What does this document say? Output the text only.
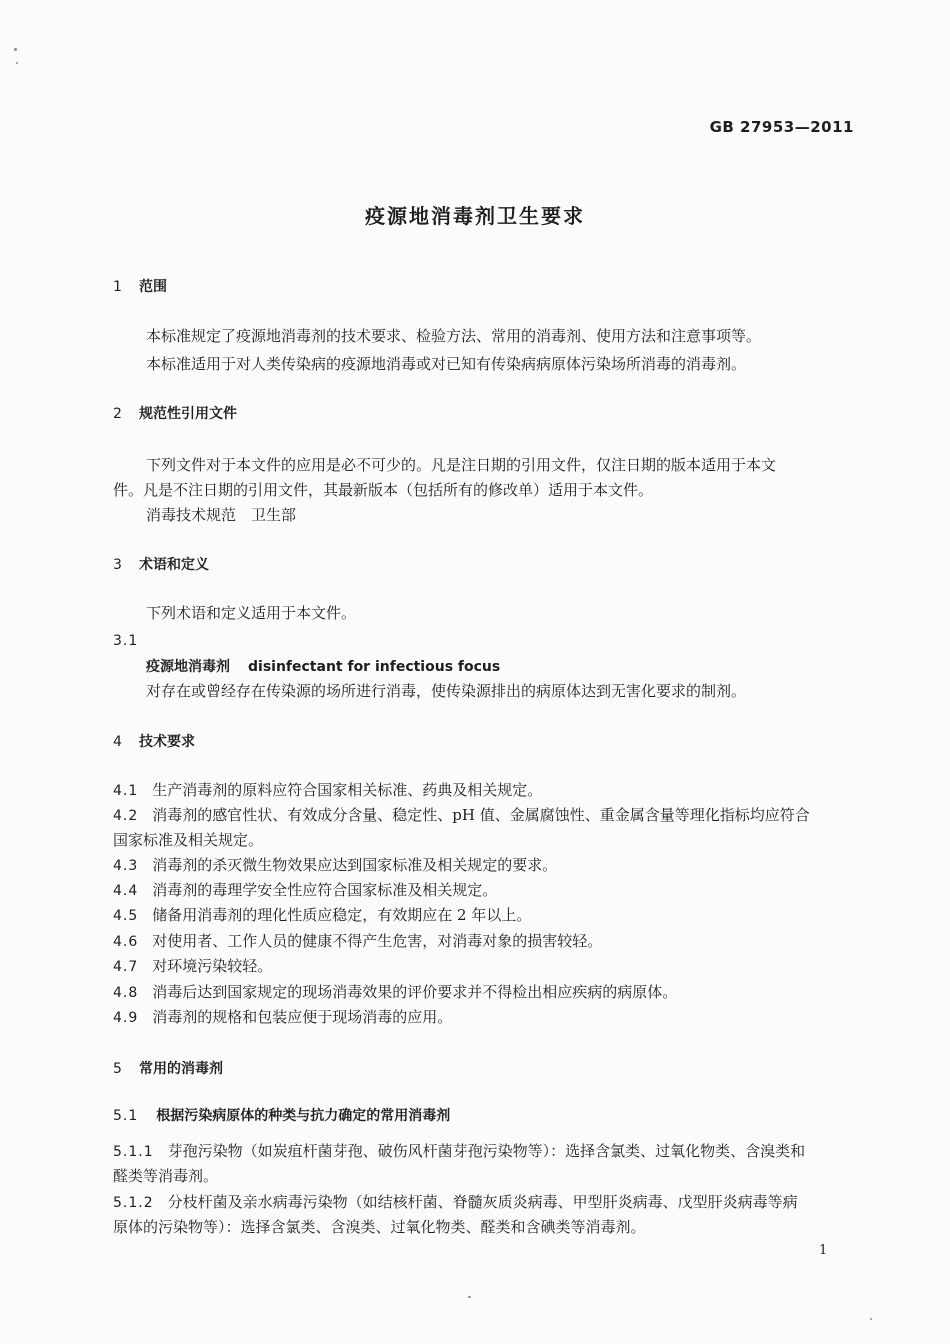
GB 27953—2011
疫源地消毒剂卫生要求
1 范围
本标准规定了疫源地消毒剂的技术要求、检验方法、常用的消毒剂、使用方法和注意事项等。
本标准适用于对人类传染病的疫源地消毒或对已知有传染病病原体污染场所消毒的消毒剂。
2 规范性引用文件
下列文件对于本文件的应用是必不可少的。凡是注日期的引用文件，仅注日期的版本适用于本文
件。凡是不注日期的引用文件，其最新版本（包括所有的修改单）适用于本文件。
消毒技术规范　卫生部
3 术语和定义
下列术语和定义适用于本文件。
3.1
疫源地消毒剂 disinfectant for infectious focus
对存在或曾经存在传染源的场所进行消毒，使传染源排出的病原体达到无害化要求的制剂。
4 技术要求
4.1 生产消毒剂的原料应符合国家相关标准、药典及相关规定。
4.2 消毒剂的感官性状、有效成分含量、稳定性、pH 值、金属腐蚀性、重金属含量等理化指标均应符合
国家标准及相关规定。
4.3 消毒剂的杀灭微生物效果应达到国家标准及相关规定的要求。
4.4 消毒剂的毒理学安全性应符合国家标准及相关规定。
4.5 储备用消毒剂的理化性质应稳定，有效期应在 2 年以上。
4.6 对使用者、工作人员的健康不得产生危害，对消毒对象的损害较轻。
4.7 对环境污染较轻。
4.8 消毒后达到国家规定的现场消毒效果的评价要求并不得检出相应疾病的病原体。
4.9 消毒剂的规格和包装应便于现场消毒的应用。
5 常用的消毒剂
5.1 根据污染病原体的种类与抗力确定的常用消毒剂
5.1.1 芽孢污染物（如炭疽杆菌芽孢、破伤风杆菌芽孢污染物等）：选择含氯类、过氧化物类、含溴类和
醛类等消毒剂。
5.1.2 分枝杆菌及亲水病毒污染物（如结核杆菌、脊髓灰质炎病毒、甲型肝炎病毒、戊型肝炎病毒等病
原体的污染物等）：选择含氯类、含溴类、过氧化物类、醛类和含碘类等消毒剂。
1
